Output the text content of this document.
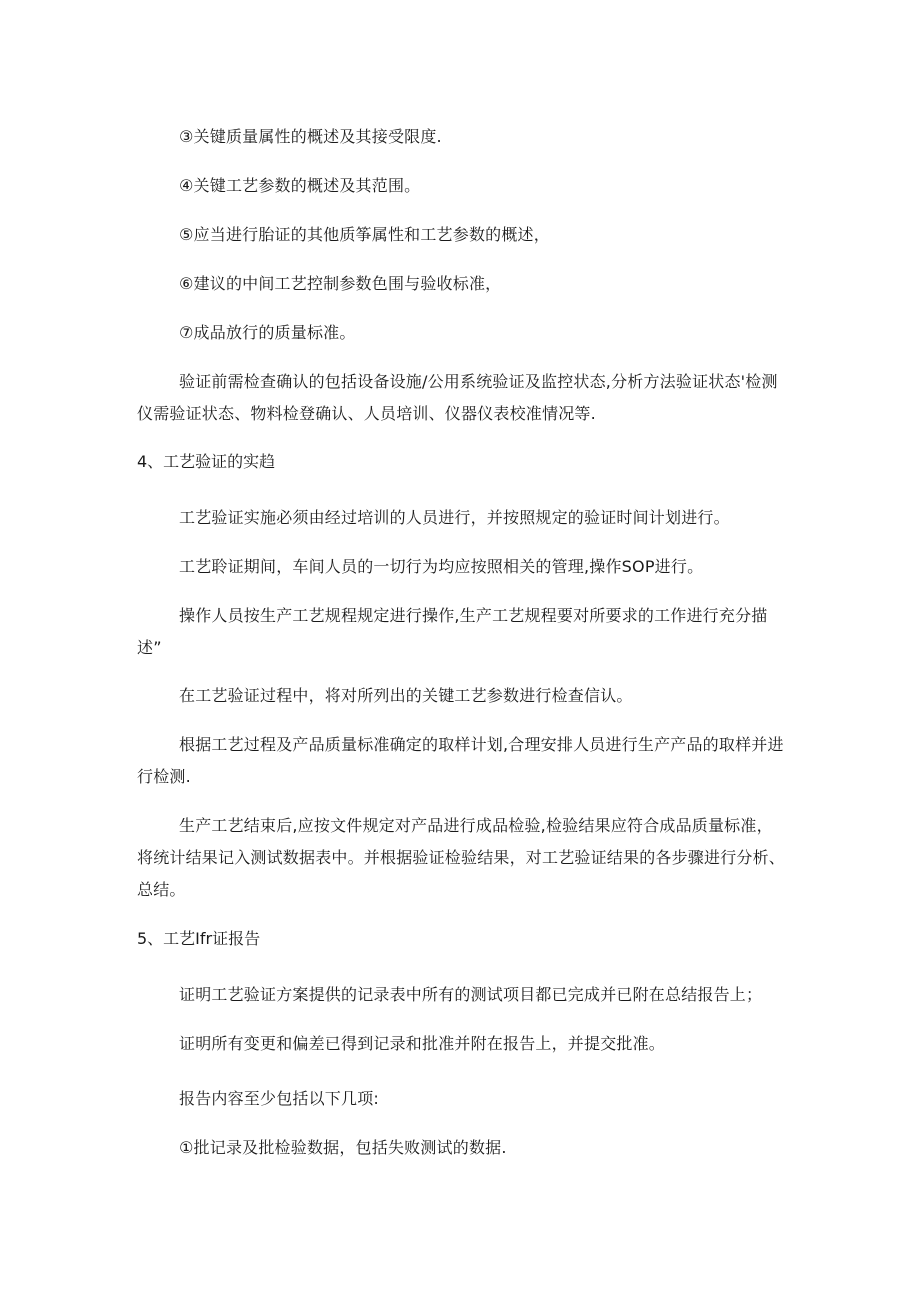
③关键质量属性的概述及其接受限度.

④关键工艺参数的概述及其范围。

⑤应当进行胎证的其他质筝属性和工艺参数的概述，

⑥建议的中间工艺控制参数色围与验收标准，

⑦成品放行的质量标准。

验证前需检查确认的包括设备设施/公用系统验证及监控状态,分析方法验证状态'检测仪需验证状态、物料检登确认、人员培训、仪器仪表校准情况等.

4、工艺验证的实趋

工艺验证实施必须由经过培训的人员进行，并按照规定的验证时间计划进行。

工艺聆证期间，车间人员的一切行为均应按照相关的管理,操作SOP进行。

操作人员按生产工艺规程规定进行操作,生产工艺规程要对所要求的工作进行充分描述”

在工艺验证过程中，将对所列出的关键工艺参数进行检查信认。

根据工艺过程及产品质量标准确定的取样计划,合理安排人员进行生产产品的取样并进行检测.

生产工艺结束后,应按文件规定对产品进行成品检验,检验结果应符合成品质量标准，将统计结果记入测试数据表中。并根据验证检验结果，对工艺验证结果的各步骤进行分析、总结。

5、工艺Ifr证报告

证明工艺验证方案提供的记录表中所有的测试项目都已完成并已附在总结报告上；

证明所有变更和偏差已得到记录和批准并附在报告上，并提交批准。

报告内容至少包括以下几项:

①批记录及批检验数据，包括失败测试的数据.
